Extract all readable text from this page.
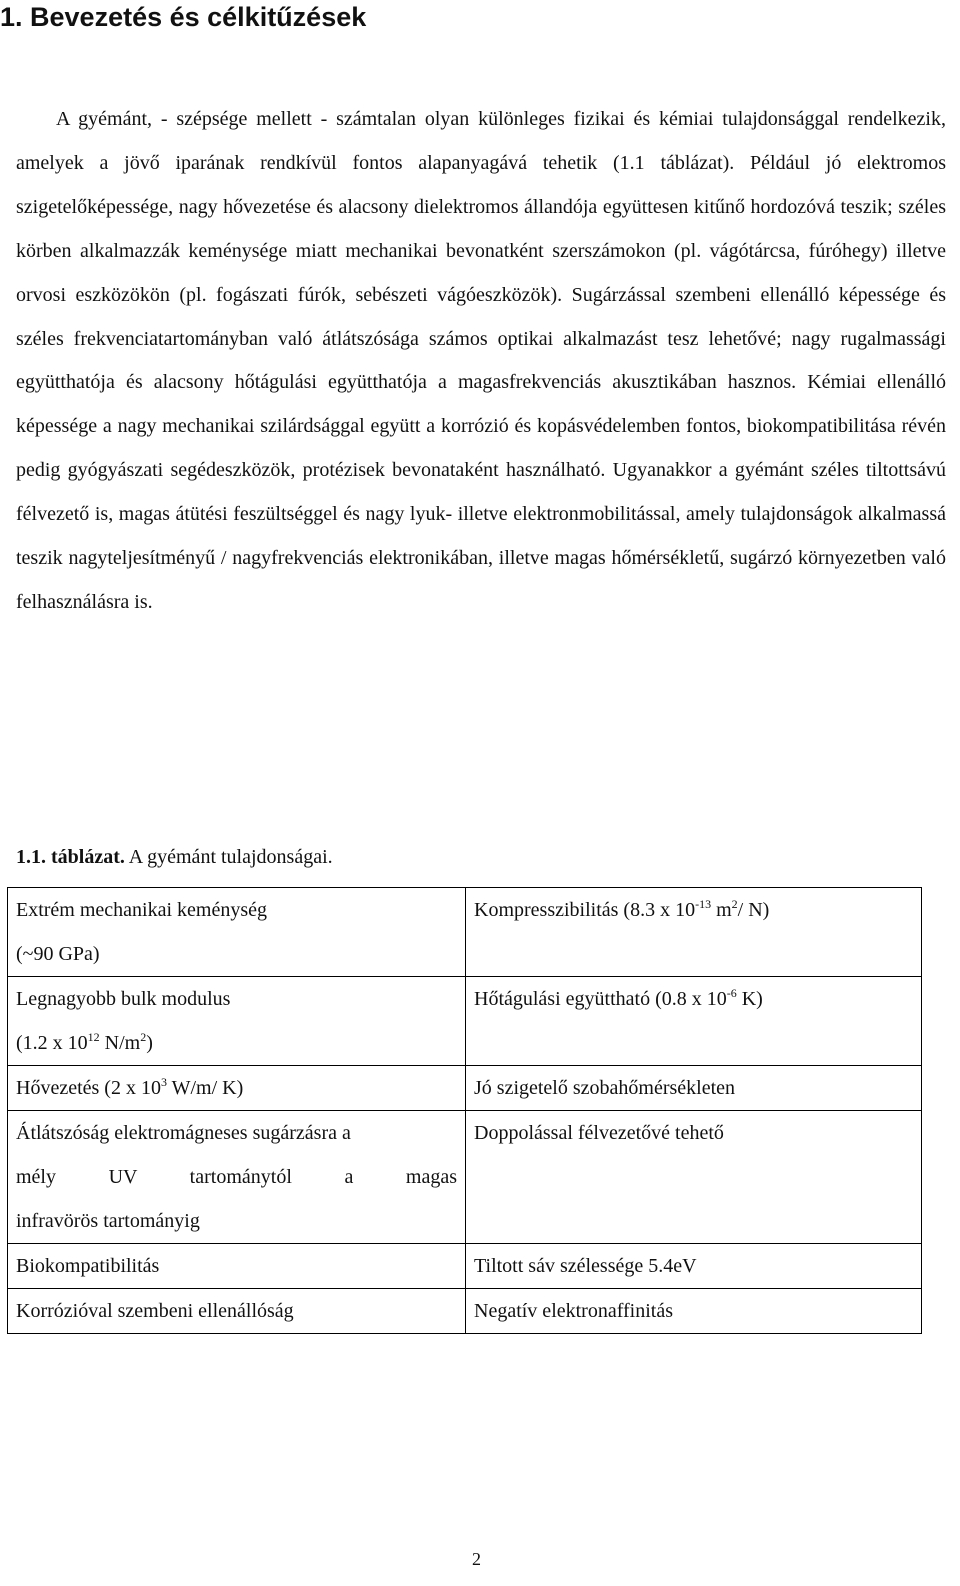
1. Bevezetés és célkitűzések

A gyémánt, - szépsége mellett - számtalan olyan különleges fizikai és kémiai tulajdonsággal rendelkezik, amelyek a jövő iparának rendkívül fontos alapanyagává tehetik (1.1 táblázat). Például jó elektromos szigetelőképessége, nagy hővezetése és alacsony dielektromos állandója együttesen kitűnő hordozóvá teszik; széles körben alkalmazzák keménysége miatt mechanikai bevonatként szerszámokon (pl. vágótárcsa, fúróhegy) illetve orvosi eszközökön (pl. fogászati fúrók, sebészeti vágóeszközök). Sugárzással szembeni ellenálló képessége és széles frekvenciatartományban való átlátszósága számos optikai alkalmazást tesz lehetővé; nagy rugalmassági együtthatója és alacsony hőtágulási együtthatója a magasfrekvenciás akusztikában hasznos. Kémiai ellenálló képessége a nagy mechanikai szilárdsággal együtt a korrózió és kopásvédelemben fontos, biokompatibilitása révén pedig gyógyászati segédeszközök, protézisek bevonataként használható. Ugyanakkor a gyémánt széles tiltottsávú félvezető is, magas átütési feszültséggel és nagy lyuk- illetve elektronmobilitással, amely tulajdonságok alkalmassá teszik nagyteljesítményű / nagyfrekvenciás elektronikában, illetve magas hőmérsékletű, sugárzó környezetben való felhasználásra is.

1.1. táblázat. A gyémánt tulajdonságai.
Extrém mechanikai keménység
(~90 GPa)	Kompresszibilitás (8.3 x $10^{-13}$ $m^2/$ N)

Legnagyobb bulk modulus
(1.2 x $10^{12}$ $N/m^2$)	Hőtágulási együttható (0.8 x $10^{-6}$ K)
Hővezetés (2 x $10^3$ W/m/ K)	Jó szigetelő szobahőmérsékleten

Átlátszóság elektromágneses sugárzásra a
mély UV tartománytól a magas
infravörös tartományig	Doppolással félvezetővé tehető
Biokompatibilitás	Tiltott sáv szélessége 5.4eV
Korrózióval szembeni ellenállóság	Negatív elektronaffinitás
2
